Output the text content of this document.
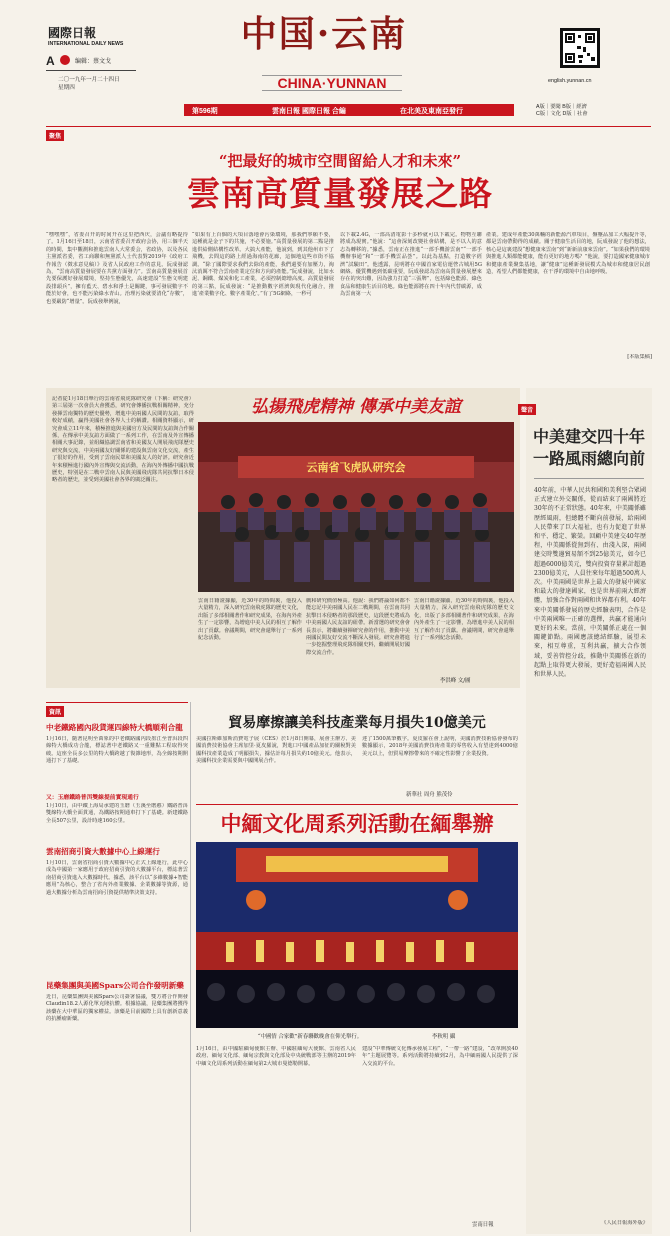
國際日報
INTERNATIONAL DAILY NEWS
A	编辑：蔡文戈
二〇一九年一月二十四日
星期四
中国·云南
CHINA·YUNNAN	english.yunnan.cn
第596期	雲南日報 國際日報 合編	在北美及東南亞發行
A版｜要聞 B版｜經濟
C版｜文化 D版｜社會
聚焦
“把最好的城市空間留給人才和未來”
雲南高質量發展之路
“嘿嘿嘿”，省委召开的时间开在这里把西庆，会議有略提待了。1月16日至18日，云南省省委召开政府会协，用三個半天的時間，集中觀測和推進雲南人大常委会，省政协，以及各民主黨派省委，省工商聯和無黨派人士代表對2019年《政府工作報告（徵求意見稿）》及省人民政府工作的意見。阮成發認為，“雲南高質量發展要在共黨方面發力”。雲南高質量發展首先要保護好發展環境，堅持生態優先，高速建設“生態文明建設排頭兵”，擁有藍天、碧水和淨土是關鍵，事可發展數字不能於好會，也不能污染綠水青山。治理污染就要清化“存數”，也要嚴防“增量”。阮成發舉例說，
“如果有上百個的大項目落地會污染環境，那我們寧願不要，這種就是金子下的共施，不必要施。”高質量發展的第二點是推進供給側結構性改革。大搞大產能，他說到，到其他州市下了飛機，去問這的路上經過海南的花廊，這個地這些市街不協調。“除了國際要求我們去除的產能，我們還要有加壓力，淘汰消厲不符合雲南產業定位和方向的產能。”阮成發說，比如水泥、鋼鐵、煤炭和化工產業，必須控制總增高度。高質量發展的第三點，阮成發說：“是推動數字經濟與現代化融合，推進‘產業數字化、數字產業化’。”有了5G網絡，一秒可
以下載2.4G，一部高清電影十多秒就可以下載完。物物互聯將成為現實。”他說：“這會深刻改變社會結構，是不以人的意志為轉移的。”據悉，雲南正在推進“一部手機游雲南”“一部手機辦事通”和“一部手機雲品荟”。以此為基點，打造數字經濟“試驗田”。他透露，昆明將在中國首家電信運營古城用5G網絡。優質機遇到低碳重要，阮成發認為雲南高質量發展歷來存在的突出難，因為強力打造“三張牌”，包括綠色能源、綠色食品和健康生活目的地。綠色能源將在四十年內代替碳源，成為雲南第一大
產業。建成年產能30萬輛的新能源汽車項目，盤壟品加工大幅提升等，都是雲南帶動得的成績。關于健康生活目的地，阮成發說了他的想法，核心是這裏建設“想健康來雲南”到“新新前康來雲南”。“如果我們的環境與推進人類都能健康，能有更好的地方嗎？”他說，要打造國家健康城市和健康產業聚集基地，讓“健康”這種新發展模式為城市和健康居民創造，希望人們都能健康，在干淨的環境中自由地呼吸。
[本版集稿]
記者從1月18日舉行的雲南省飛虎隊研究會（下稱：研究會）第三屆第一次會員大會獲悉，研究會傳播抗戰相關精神，充分發揮雲南獨特的歷史優勢，增進中美兩國人民間的友誼，取得較好成績，贏得美國社會各界人士的稱讚。相關資料顯示，研究會成立11年來，積極推進與美國官方及民間的友誼與合作關係，在傳承中美友誼方面做了一系列工作，在雲南及外宣傳播相關大事記錄，並組織協調雲南省和美國友人開展飛虎隊歷史研究與交流，中美兩國友好關係的建設與雲南文化交流，產生了很好的作用，受到了雲南民眾和美國友人的好評。研究會近年來積極進行國內外宣傳與交流活動，在海內外傳播中國抗戰歷史，特別是在二戰中雲南人民與美國飛虎隊共同抗擊日本侵略者的歷史，並受到美國社會各界的廣泛關注。
弘揚飛虎精神 傳承中美友誼
云南省飞虎队研究会
雲南日籍證據顯，近30年的時間裏，他投入大量精力，深入研究雲南飛虎隊的歷史文化，出版了多部相關著作和研究成果，在海內外產生了一定影響，為增進中美人民的相互了解作出了貢獻。會議期間，研究會還舉行了一系列紀念活動。
戲和研究價值極高。他說：我們將論如何都不能忘記中美兩國人民在二戰期間，在雲南共同抗擊日本侵略者的那段歷史，這段歷史將成為中美兩國人民友誼的紐帶。新當選的研究會會長表示，將繼續發揮研究會的作用，推動中美兩國民間友好交流不斷深入發展。研究會將進一步挖掘整理飛虎隊相關史料，繼續開展好國際交流合作。
雲南日籍證據顯，近30年的時間裏，他投入大量精力，深入研究雲南飛虎隊的歷史文化，出版了多部相關著作和研究成果，在海內外產生了一定影響，為增進中美人民的相互了解作出了貢獻。會議期間，研究會還舉行了一系列紀念活動。
李洪峰 文/圖
聲音
中美建交四十年
一路風雨總向前
40年前，中華人民共和國和美利堅合眾國正式建立外交關係，從而結束了兩國將近30年的不正常狀態。40年來，中美關係雖歷經風雨，但總體不斷向前發展，給兩國人民帶來了巨大福祉，也有力促進了世界和平、穩定、繁榮。回顧中美建交40年歷程，中美關係從無到有、由淺入深，兩國建交時雙邊貿易額不到25億美元，如今已超過6000億美元，雙向投資存量累計超過2300億美元，人員往來每年超過500萬人次。中美兩國是世界上最大的發展中國家和最大的發達國家，也是世界前兩大經濟體，加強合作對兩國和世界都有利。40年來中美關係發展的歷史經驗表明，合作是中美兩國唯一正確的選擇，共贏才能通向更好的未來。當前，中美關係正處在一個關鍵節點。兩國應該總結經驗，展望未來，相互尊重，互利共贏，擴大合作領域，妥善管控分歧，推動中美關係在新的起點上取得更大發展，更好造福兩國人民和世界人民。
《人民日報海外版》
資訊
中老鐵路國內段貨運四線特大橋順利合龍
1月16日，隨著昆明至萬象的中老鐵路國內段墨江至普洱段四線特大橋成功合龍，標誌著中老鐵路又一重難點工程取得突破。這座全長多公里的特大橋跨越了復雜地形，為全線按期開通打下了基礎。
又：玉磨鐵路普洱雙線提前實現通行
1月10日，由中鐵上海局承建的玉磨（玉溪至磨憨）鐵路普洱雙線特大橋全面貫通，為鐵路按期通車打下了基礎。新建鐵路全長507公里，設計時速160公里。
雲南招商引資大數據中心上線運行
1月10日，雲南省招商引資大數據中心正式上線運行，此中心成為中國第一家應用于政府招商引資的大數據平台，標誌著雲南招商引資進入大數據時代。據悉，該平台以“多維數據+智能應用”為核心，整合了省內外產業數據、企業數據等資源，通過大數據分析為雲南招商引資提供精準決策支持。
昆藥集團與美國Spars公司合作發明新藥
近日，昆藥集團與美國Spars公司簽署協議，雙方將合作開發Claudin18.2人源化單克隆抗體。根據協議，昆藥集團將獲得該藥在大中華區的獨家權益。該藥是目前國際上具有創新意義的抗腫瘤新藥。
貿易摩擦讓美科技產業每月損失10億美元
美國拉斯維加斯消費電子展（CES）於1月8日開幕，展會主辦方、美國消費技術協會主席加里·夏皮羅說，對進口中國產品加征的關稅對美國科技產業造成了明顯損失，據估計每月損失約10億美元。他表示，美國科技企業需要與中國開展合作。
達了1500萬筆數字。夏皮羅在會上說明，美國消費技術協會發布的數據顯示，2018年美國消費技術產業的零售收入有望達到4000億美元以上，但貿易摩擦帶來的不確定性影響了企業投資。
新華社 周舟 熊茂伶
中緬文化周系列活動在緬舉辦
“中國情 合家歡”新春聯歡晚會在仰光舉行。	李秋明 攝
1月16日，由中國駐緬甸使館主辦、中國駐緬甸大使館、雲南省人民政府、緬甸文化部、緬甸宗教與文化部及中央統戰部等主辦的2019年中緬文化周系列活動在緬甸第2大城市曼德勒開幕。
建設“中華傳統文化傳承發展工程”，“一帶一路”建設，“改革開放40年”主題展覽等。系列活動將持續到2月，為中緬兩國人民提供了深入交流的平台。
雲南日報
